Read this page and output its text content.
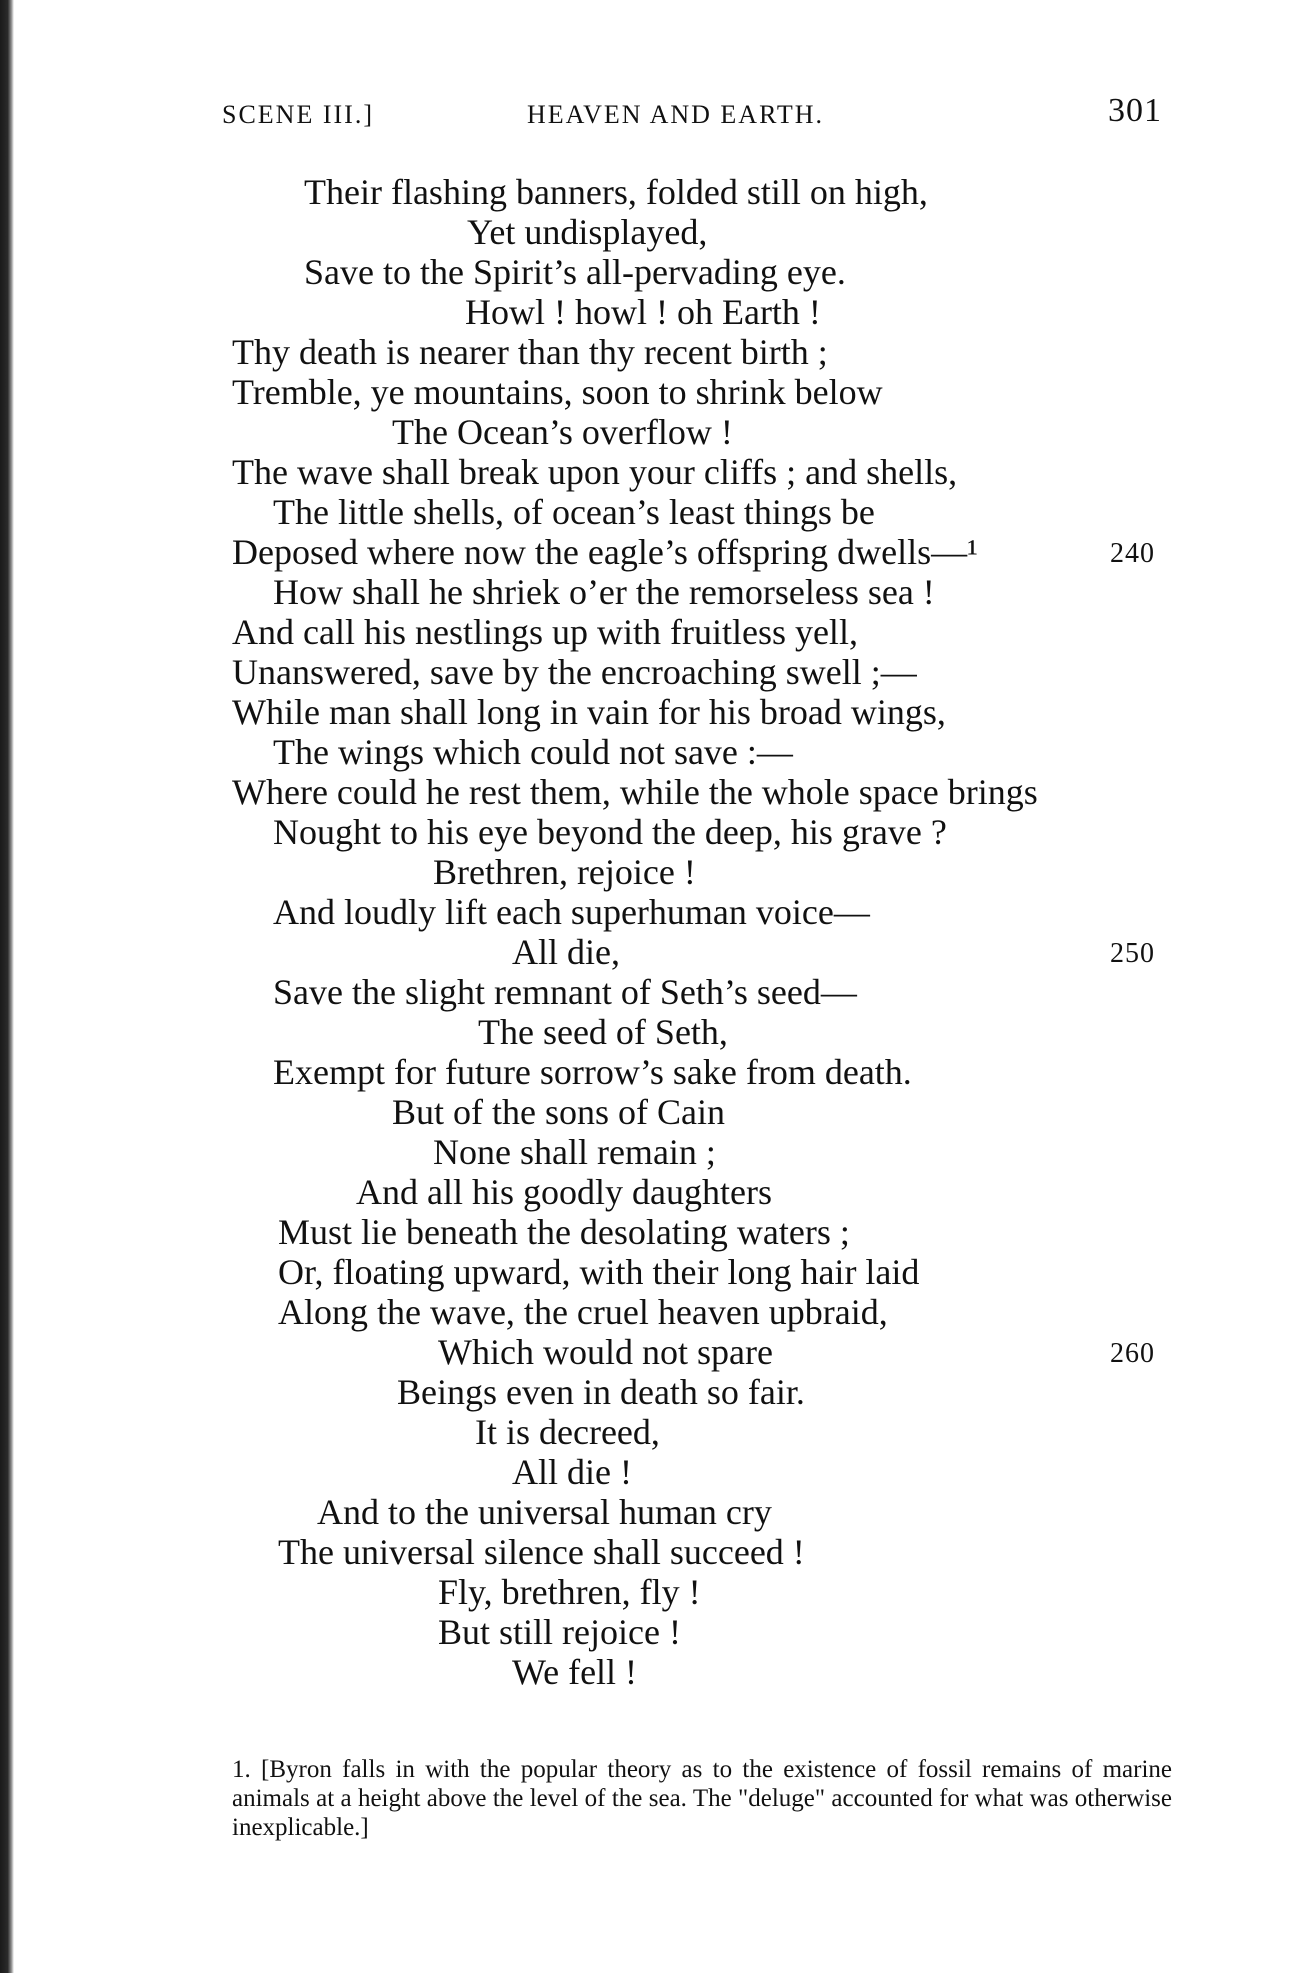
SCENE III.]	HEAVEN AND EARTH.	301
Their flashing banners, folded still on high,
Yet undisplayed,
Save to the Spirit’s all-pervading eye.
Howl ! howl ! oh Earth !
Thy death is nearer than thy recent birth ;
Tremble, ye mountains, soon to shrink below
The Ocean’s overflow !
The wave shall break upon your cliffs ; and shells,
The little shells, of ocean’s least things be
Deposed where now the eagle’s offspring dwells—¹	240
How shall he shriek o’er the remorseless sea !
And call his nestlings up with fruitless yell,
Unanswered, save by the encroaching swell ;—
While man shall long in vain for his broad wings,
The wings which could not save :—
Where could he rest them, while the whole space brings
Nought to his eye beyond the deep, his grave ?
Brethren, rejoice !
And loudly lift each superhuman voice—
All die,	250
Save the slight remnant of Seth’s seed—
The seed of Seth,
Exempt for future sorrow’s sake from death.
But of the sons of Cain
None shall remain ;
And all his goodly daughters
Must lie beneath the desolating waters ;
Or, floating upward, with their long hair laid
Along the wave, the cruel heaven upbraid,
Which would not spare	260
Beings even in death so fair.
It is decreed,
All die !
And to the universal human cry
The universal silence shall succeed !
Fly, brethren, fly !
But still rejoice !
We fell !
1. [Byron falls in with the popular theory as to the existence of fossil remains of marine animals at a height above the level of the sea. The "deluge" accounted for what was otherwise inexplicable.]
